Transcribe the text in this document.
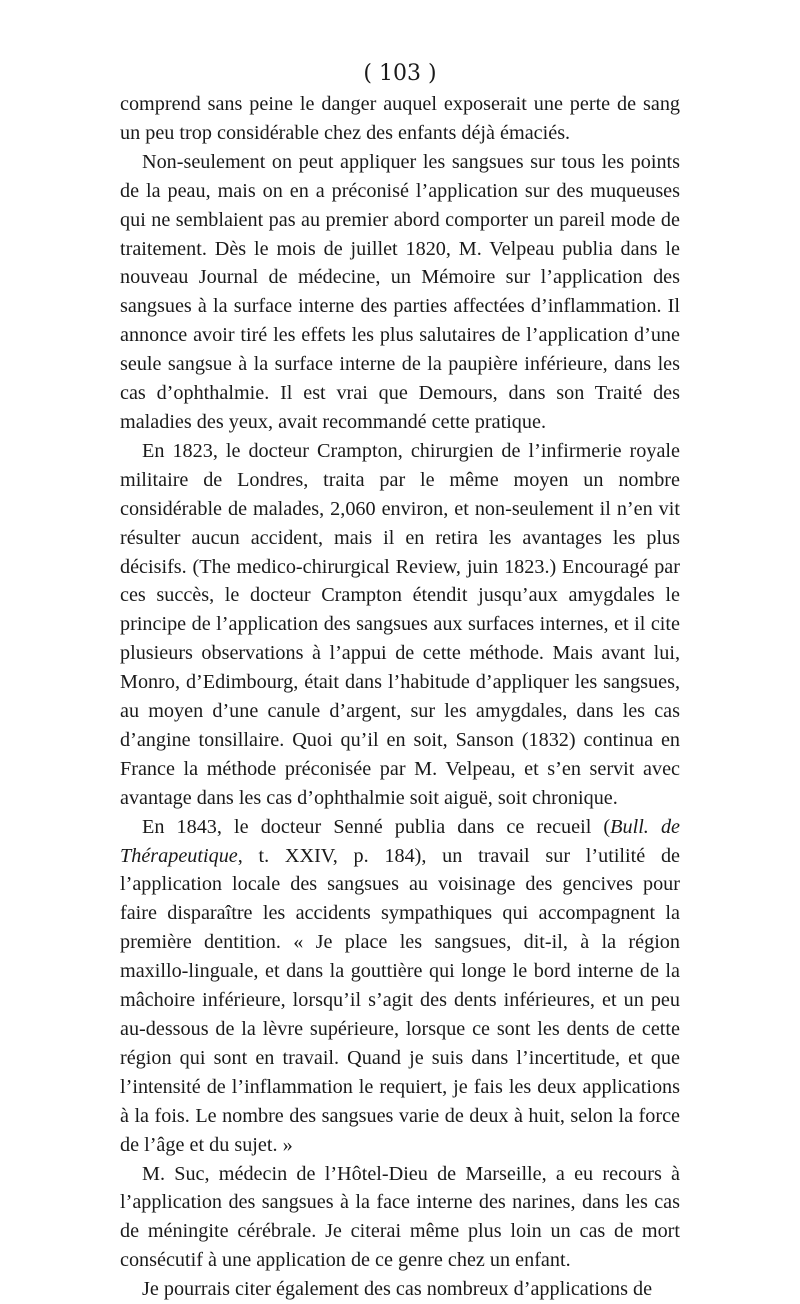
( 103 )

comprend sans peine le danger auquel exposerait une perte de sang un peu trop considérable chez des enfants déjà émaciés.

Non-seulement on peut appliquer les sangsues sur tous les points de la peau, mais on en a préconisé l’application sur des muqueuses qui ne semblaient pas au premier abord comporter un pareil mode de traitement. Dès le mois de juillet 1820, M. Velpeau publia dans le nouveau Journal de médecine, un Mémoire sur l’application des sangsues à la surface interne des parties affectées d’inflammation. Il annonce avoir tiré les effets les plus salutaires de l’application d’une seule sangsue à la surface interne de la paupière inférieure, dans les cas d’ophthalmie. Il est vrai que Demours, dans son Traité des maladies des yeux, avait recommandé cette pratique.

En 1823, le docteur Crampton, chirurgien de l’infirmerie royale militaire de Londres, traita par le même moyen un nombre considérable de malades, 2,060 environ, et non-seulement il n’en vit résulter aucun accident, mais il en retira les avantages les plus décisifs. (The medico-chirurgical Review, juin 1823.) Encouragé par ces succès, le docteur Crampton étendit jusqu’aux amygdales le principe de l’application des sangsues aux surfaces internes, et il cite plusieurs observations à l’appui de cette méthode. Mais avant lui, Monro, d’Edimbourg, était dans l’habitude d’appliquer les sangsues, au moyen d’une canule d’argent, sur les amygdales, dans les cas d’angine tonsillaire. Quoi qu’il en soit, Sanson (1832) continua en France la méthode préconisée par M. Velpeau, et s’en servit avec avantage dans les cas d’ophthalmie soit aiguë, soit chronique.

En 1843, le docteur Senné publia dans ce recueil (Bull. de Thérapeutique, t. XXIV, p. 184), un travail sur l’utilité de l’application locale des sangsues au voisinage des gencives pour faire disparaître les accidents sympathiques qui accompagnent la première dentition. « Je place les sangsues, dit-il, à la région maxillo-linguale, et dans la gouttière qui longe le bord interne de la mâchoire inférieure, lorsqu’il s’agit des dents inférieures, et un peu au-dessous de la lèvre supérieure, lorsque ce sont les dents de cette région qui sont en travail. Quand je suis dans l’incertitude, et que l’intensité de l’inflammation le requiert, je fais les deux applications à la fois. Le nombre des sangsues varie de deux à huit, selon la force de l’âge et du sujet. »

M. Suc, médecin de l’Hôtel-Dieu de Marseille, a eu recours à l’application des sangsues à la face interne des narines, dans les cas de méningite cérébrale. Je citerai même plus loin un cas de mort consécutif à une application de ce genre chez un enfant.

Je pourrais citer également des cas nombreux d’applications de
